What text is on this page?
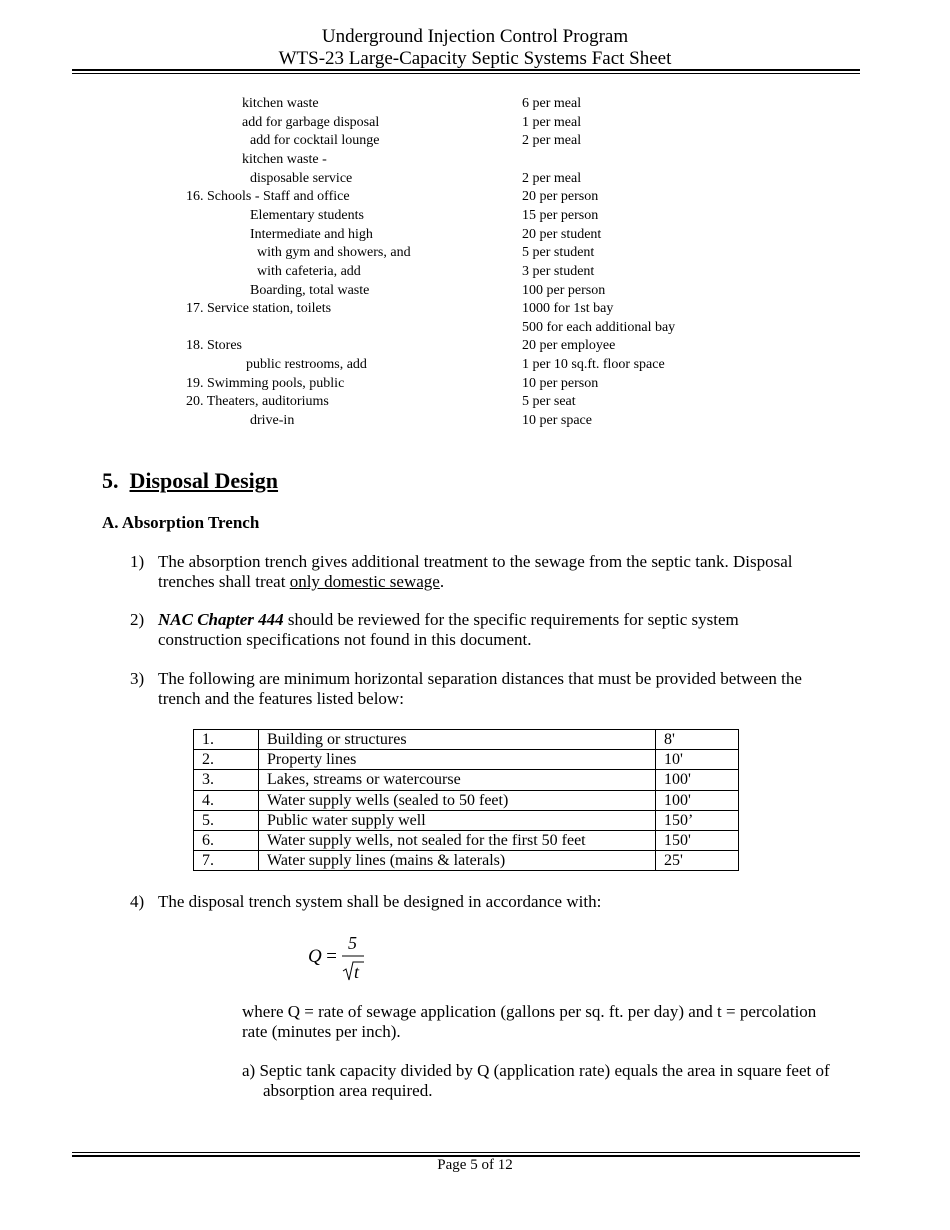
Underground Injection Control Program
WTS-23 Large-Capacity Septic Systems Fact Sheet
kitchen waste	6 per meal
add for garbage disposal	1 per meal
add for cocktail lounge	2 per meal
kitchen waste -
disposable service	2 per meal
16. Schools - Staff and office	20 per person
Elementary students	15 per person
Intermediate and high	20 per student
with gym and showers, and	5 per student
with cafeteria, add	3 per student
Boarding, total waste	100 per person
17. Service station, toilets	1000 for 1st bay
500 for each additional bay
18. Stores	20 per employee
public restrooms, add	1 per 10 sq.ft. floor space
19. Swimming pools, public	10 per person
20. Theaters, auditoriums	5 per seat
drive-in	10 per space
5. Disposal Design
A. Absorption Trench
1) The absorption trench gives additional treatment to the sewage from the septic tank. Disposal trenches shall treat only domestic sewage.
2) NAC Chapter 444 should be reviewed for the specific requirements for septic system construction specifications not found in this document.
3) The following are minimum horizontal separation distances that must be provided between the trench and the features listed below:
1.	Building or structures	8'
2.	Property lines	10'
3.	Lakes, streams or watercourse	100'
4.	Water supply wells (sealed to 50 feet)	100'
5.	Public water supply well	150’
6.	Water supply wells, not sealed for the first 50 feet	150'
7.	Water supply lines (mains & laterals)	25'
4) The disposal trench system shall be designed in accordance with:
Q =
5
t
where Q = rate of sewage application (gallons per sq. ft. per day) and t = percolation rate (minutes per inch).
a) Septic tank capacity divided by Q (application rate) equals the area in square feet of absorption area required.
Page 5 of 12
